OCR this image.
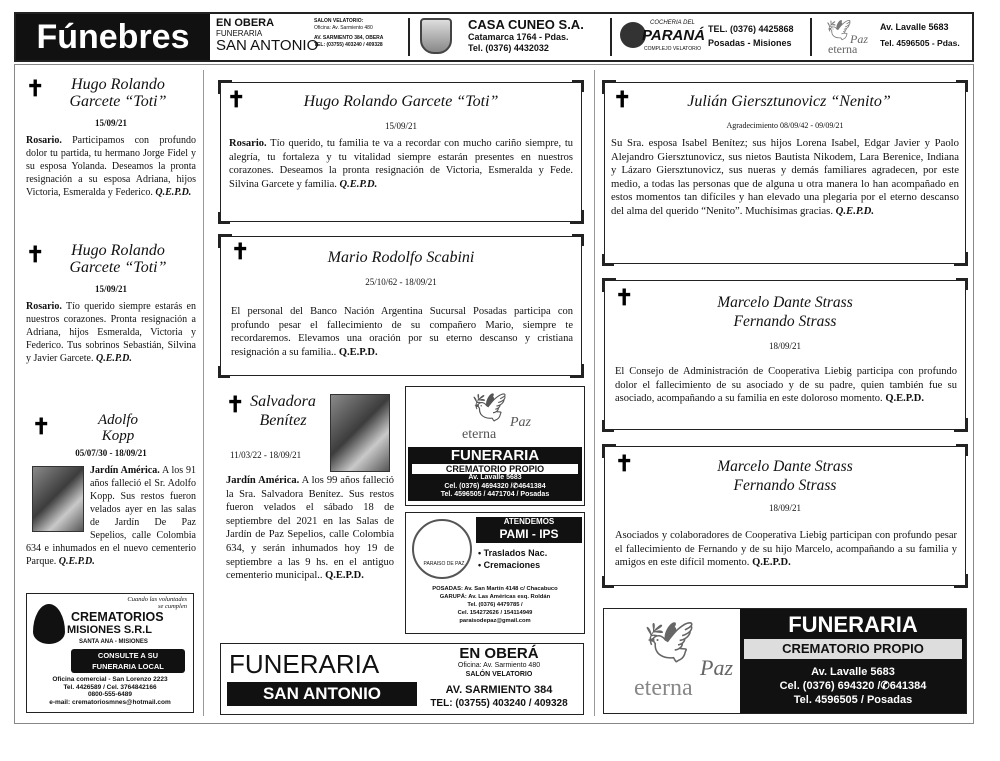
Fúnebres	EN OBERA
FUNERARIA
SAN ANTONIO
SALON VELATORIO:
Oficina: Av. Sarmiento 480
AV. SARMIENTO 384, OBERA
TEL: (03755) 403240 / 409328
CASA CUNEO S.A.
Catamarca 1764 - Pdas.
Tel. (0376) 4432032
COCHERIA DEL
PARANÁ
COMPLEJO VELATORIO
TEL. (0376) 4425868
Posadas - Misiones
🕊
Paz
eterna
Av. Lavalle 5683
Tel. 4596505 - Pdas.
✝	Hugo Rolando
Garcete “Toti”
15/09/21
Rosario. Participamos con profundo dolor tu partida, tu hermano Jorge Fidel y su esposa Yolanda. Deseamos la pronta resignación a su esposa Adriana, hijos Victoria, Esmeralda y Federico. Q.E.P.D.
✝	Hugo Rolando
Garcete “Toti”
15/09/21
Rosario. Tío querido siempre estarás en nuestros corazones. Pronta resignación a Adriana, hijos Esmeralda, Victoria y Federico. Tus sobrinos Sebastián, Silvina y Javier Garcete. Q.E.P.D.
✝	Adolfo
Kopp
05/07/30 - 18/09/21
Jardín América. A los 91 años falleció el Sr. Adolfo Kopp. Sus restos fueron velados ayer en las salas de Jardín De Paz Sepelios, calle Colombia 634 e inhumados en el nuevo cementerio Parque. Q.E.P.D.
Cuando las voluntades
se cumplen
CREMATORIOS
MISIONES S.R.L
SANTA ANA - MISIONES
CONSULTE A SU
FUNERARIA LOCAL
Oficina comercial - San Lorenzo 2223
Tel. 4426589 / Cel. 3764842166
0800-555-6489
e-mail: crematoriosmnes@hotmail.com
✝	Hugo Rolando Garcete “Toti”
15/09/21
Rosario. Tío querido, tu familia te va a recordar con mucho cariño siempre, tu alegría, tu fortaleza y tu vitalidad siempre estarán presentes en nuestros corazones. Deseamos la pronta resignación de Victoria, Esmeralda y Fede. Silvina Garcete y familia. Q.E.P.D.
✝	Mario Rodolfo Scabini
25/10/62 - 18/09/21
El personal del Banco Nación Argentina Sucursal Posadas participa con profundo pesar el fallecimiento de su compañero Mario, siempre te recordaremos. Elevamos una oración por su eterno descanso y cristiana resignación a su familia.. Q.E.P.D.
✝ Salvadora
Benítez
11/03/22 - 18/09/21
Jardín América. A los 99 años falleció la Sra. Salvadora Benítez. Sus restos fueron velados el sábado 18 de septiembre del 2021 en las Salas de Jardín de Paz Sepelios, calle Colombia 634, y serán inhumados hoy 19 de septiembre a las 9 hs. en el antiguo cementerio municipal.. Q.E.P.D.
🕊 Paz
eterna
FUNERARIA
CREMATORIO PROPIO
Av. Lavalle 5683
Cel. (0376) 4694320 /✆4641384
Tel. 4596505 / 4471704 / Posadas
PARAISO DE PAZ
ATENDEMOS
PAMI - IPS
• Traslados Nac.
• Cremaciones
POSADAS: Av. San Martín 4148 c/ Chacabuco
GARUPÁ: Av. Las Américas esq. Roldán
Tel. (0376) 4479785 /
Cel. 154272626 / 154114949
paraisodepaz@gmail.com
FUNERARIA
SAN ANTONIO
EN OBERÁ
Oficina: Av. Sarmiento 480
SALÓN VELATORIO
AV. SARMIENTO 384
TEL: (03755) 403240 / 409328
✝	Julián Giersztunovicz “Nenito”
Agradecimiento 08/09/42 - 09/09/21
Su Sra. esposa Isabel Benítez; sus hijos Lorena Isabel, Edgar Javier y Paolo Alejandro Giersztunovicz, sus nietos Bautista Nikodem, Lara Berenice, Indiana y Lázaro Giersztunovicz, sus nueras y demás familiares agradecen, por este medio, a todas las personas que de alguna u otra manera lo han acompañado en estos momentos tan difíciles y han elevado una plegaria por el eterno descanso del alma del querido “Nenito”. Muchísimas gracias. Q.E.P.D.
✝	Marcelo Dante Strass
Fernando Strass
18/09/21
El Consejo de Administración de Cooperativa Liebig participa con profundo dolor el fallecimiento de su asociado y de su padre, quien también fue su asociado, acompañando a su familia en este doloroso momento. Q.E.P.D.
✝	Marcelo Dante Strass
Fernando Strass
18/09/21
Asociados y colaboradores de Cooperativa Liebig participan con profundo pesar el fallecimiento de Fernando y de su hijo Marcelo, acompañando a su familia y amigos en este difícil momento. Q.E.P.D.
🕊
Paz
eterna
FUNERARIA
CREMATORIO PROPIO
Av. Lavalle 5683
Cel. (0376) 694320 /✆641384
Tel. 4596505 / Posadas
